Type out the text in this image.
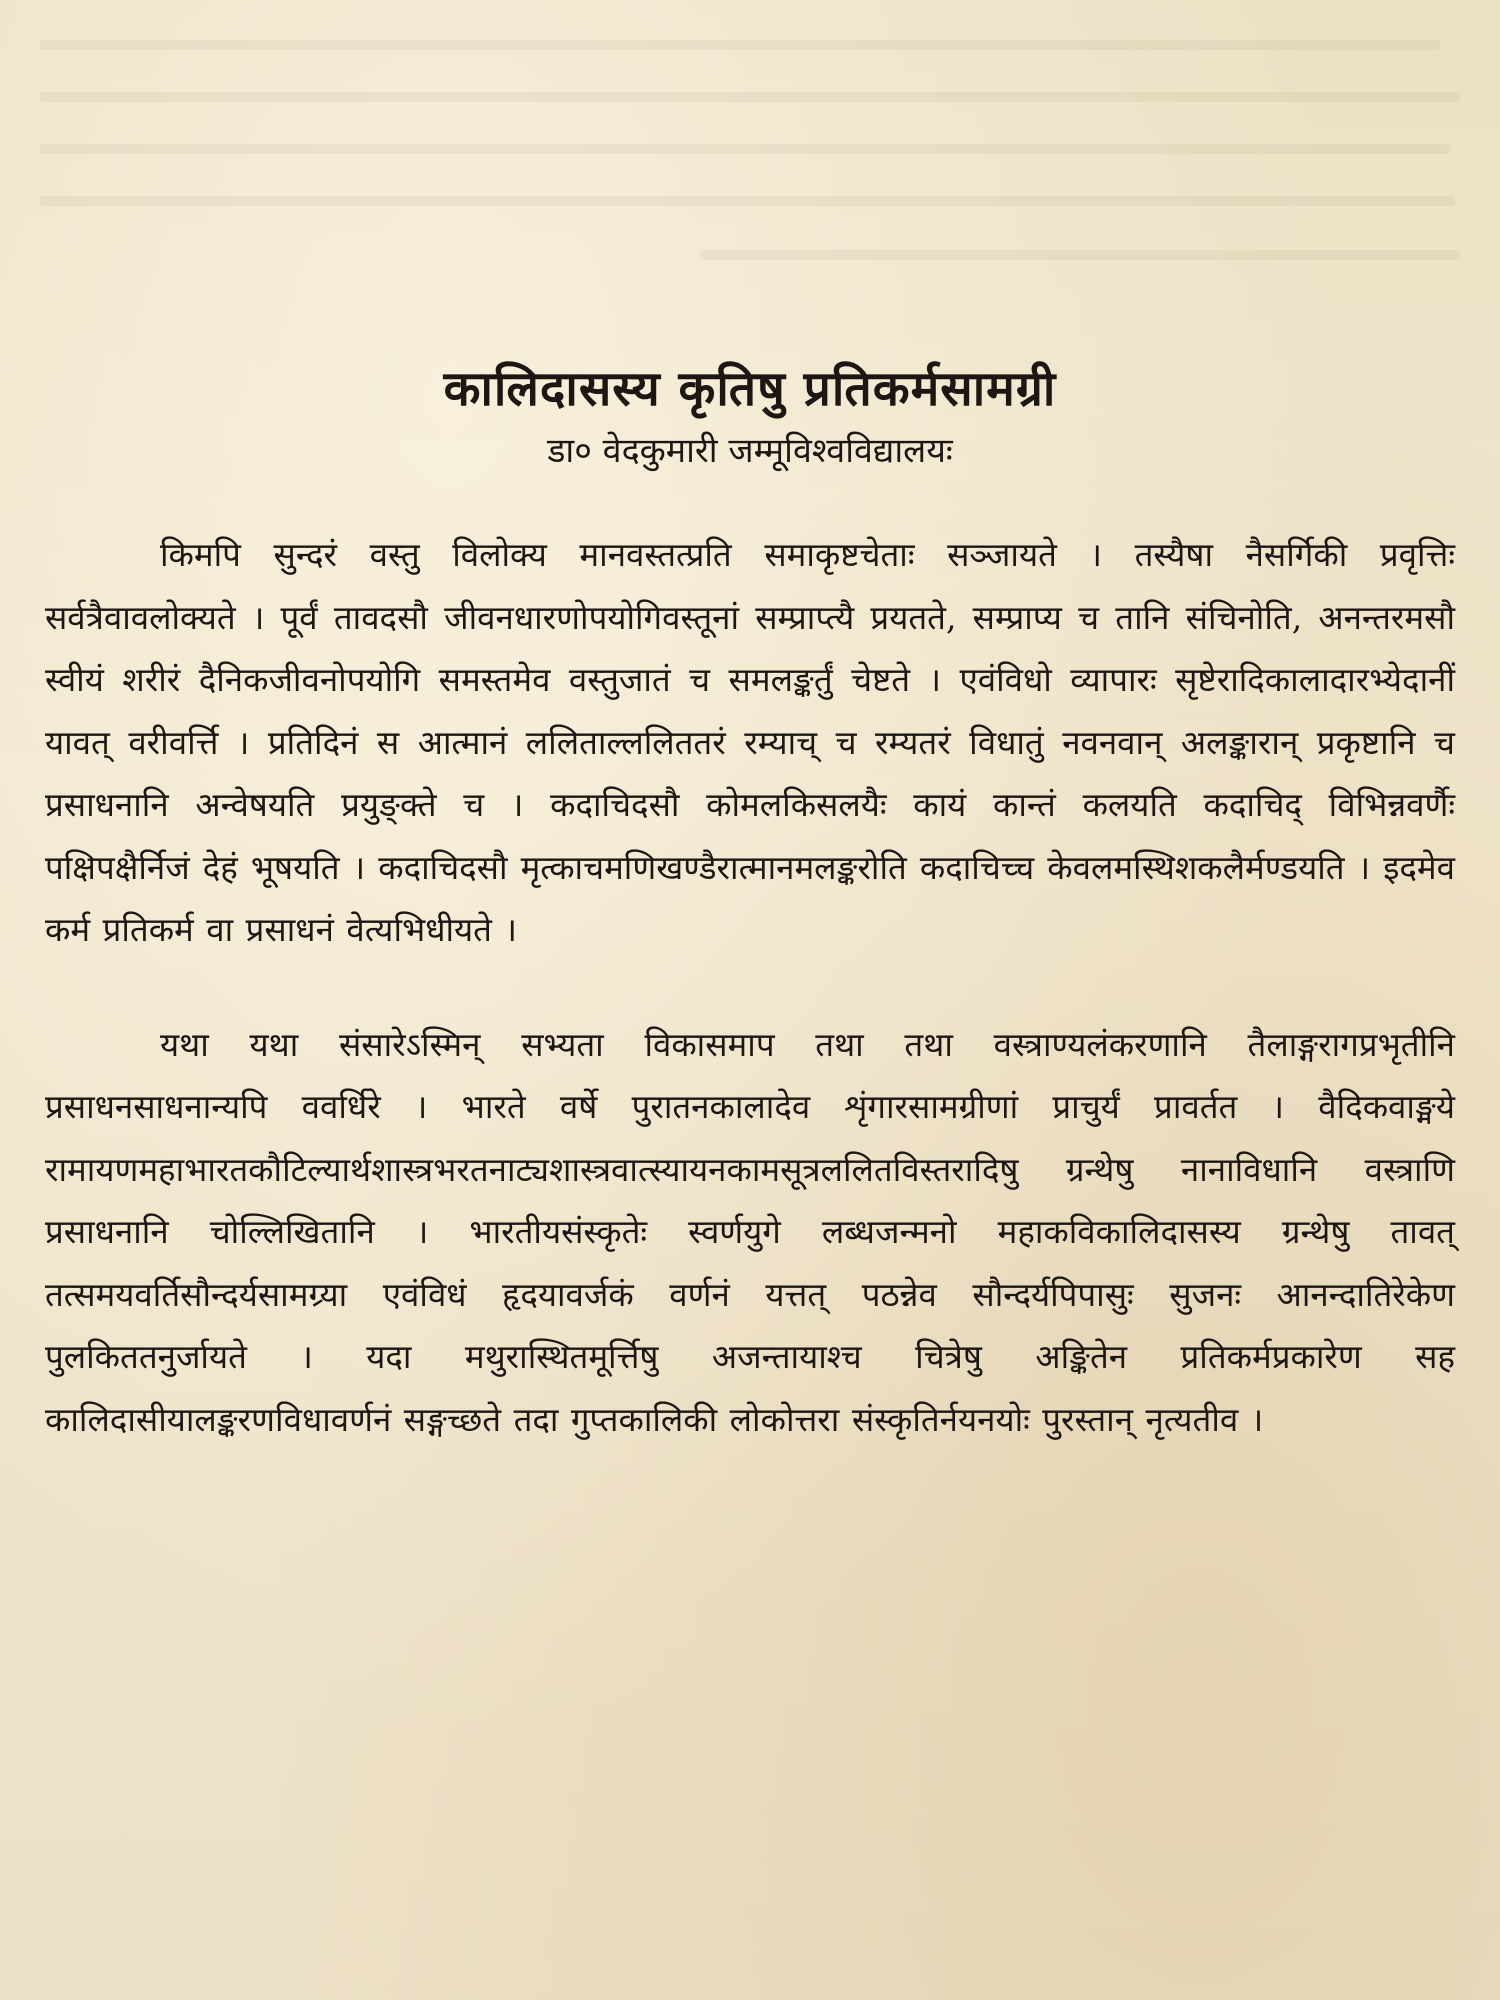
कालिदासस्य कृतिषु प्रतिकर्मसामग्री
डा० वेदकुमारी जम्मूविश्वविद्यालयः

किमपि सुन्दरं वस्तु विलोक्य मानवस्तत्प्रति समाकृष्टचेताः सञ्जायते । तस्यैषा नैसर्गिकी प्रवृत्तिः सर्वत्रैवावलोक्यते । पूर्वं तावदसौ जीवनधारणोपयोगिवस्तूनां सम्प्राप्त्यै प्रयतते, सम्प्राप्य च तानि संचिनोति, अनन्तरमसौ स्वीयं शरीरं दैनिकजीवनोपयोगि समस्तमेव वस्तुजातं च समलङ्कर्तुं चेष्टते । एवंविधो व्यापारः सृष्टेरादिकालादारभ्येदानीं यावत् वरीवर्त्ति । प्रतिदिनं स आत्मानं ललिताल्ललिततरं रम्याच् च रम्यतरं विधातुं नवनवान् अलङ्कारान् प्रकृष्टानि च प्रसाधनानि अन्वेषयति प्रयुङ्क्ते च । कदाचिदसौ कोमलकिसलयैः कायं कान्तं कलयति कदाचिद् विभिन्नवर्णैः पक्षिपक्षैर्निजं देहं भूषयति । कदाचिदसौ मृत्काचमणिखण्डैरात्मानमलङ्करोति कदाचिच्च केवलमस्थिशकलैर्मण्डयति । इदमेव कर्म प्रतिकर्म वा प्रसाधनं वेत्यभिधीयते ।

यथा यथा संसारेऽस्मिन् सभ्यता विकासमाप तथा तथा वस्त्राण्यलंकरणानि तैलाङ्गरागप्रभृतीनि प्रसाधनसाधनान्यपि ववर्धिरे । भारते वर्षे पुरातनकालादेव शृंगारसामग्रीणां प्राचुर्यं प्रावर्तत । वैदिकवाङ्मये रामायणमहाभारतकौटिल्यार्थशास्त्रभरतनाट्यशास्त्रवात्स्यायनकामसूत्रललितविस्तरादिषु ग्रन्थेषु नानाविधानि वस्त्राणि प्रसाधनानि चोल्लिखितानि । भारतीयसंस्कृतेः स्वर्णयुगे लब्धजन्मनो महाकविकालिदासस्य ग्रन्थेषु तावत् तत्समयवर्तिसौन्दर्यसामग्र्या एवंविधं हृदयावर्जकं वर्णनं यत्तत् पठन्नेव सौन्दर्यपिपासुः सुजनः आनन्दातिरेकेण पुलकिततनुर्जायते । यदा मथुरास्थितमूर्त्तिषु अजन्तायाश्च चित्रेषु अङ्कितेन प्रतिकर्मप्रकारेण सह कालिदासीयालङ्करणविधावर्णनं सङ्गच्छते तदा गुप्तकालिकी लोकोत्तरा संस्कृतिर्नयनयोः पुरस्तान् नृत्यतीव ।
